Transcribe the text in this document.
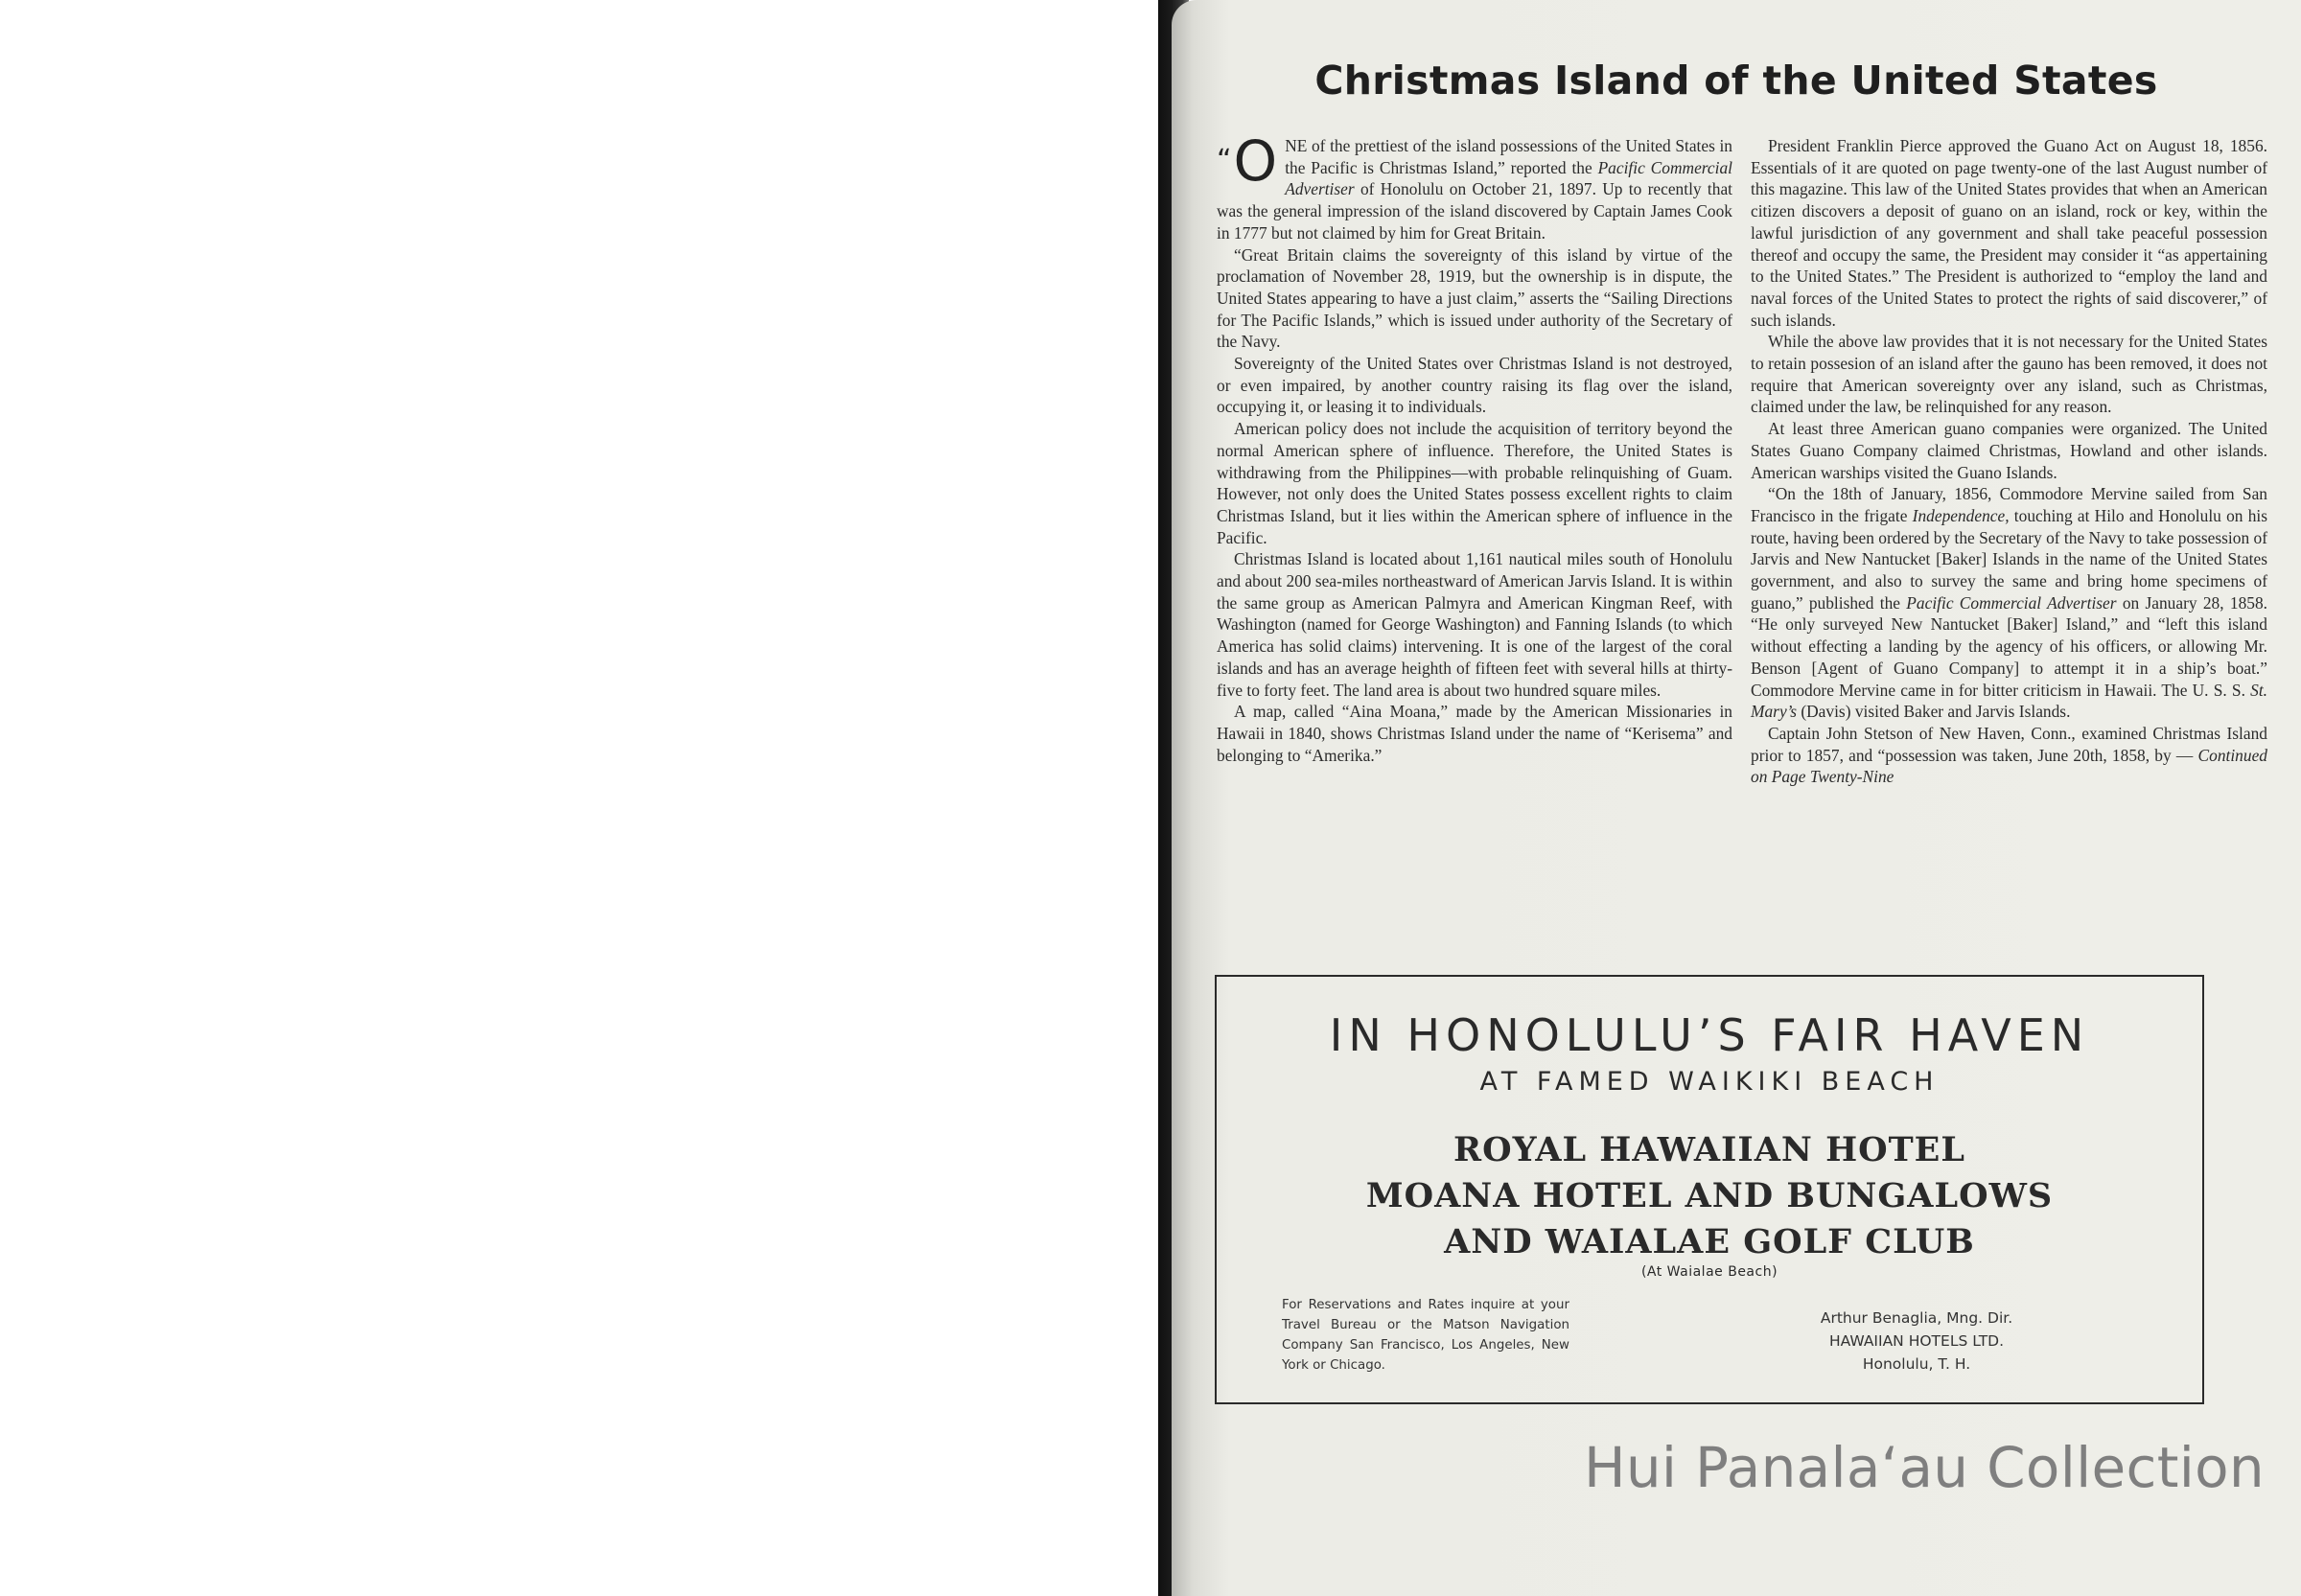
Christmas Island of the United States

“O NE of the prettiest of the island possessions of the United States in the Pacific is Christmas Island,” reported the Pacific Commercial Advertiser of Honolulu on October 21, 1897. Up to recently that was the general impression of the island discovered by Captain James Cook in 1777 but not claimed by him for Great Britain.

“Great Britain claims the sovereignty of this island by virtue of the proclamation of November 28, 1919, but the ownership is in dispute, the United States appearing to have a just claim,” asserts the “Sailing Directions for The Pacific Islands,” which is issued under authority of the Secretary of the Navy.

Sovereignty of the United States over Christmas Island is not destroyed, or even impaired, by another country raising its flag over the island, occupying it, or leasing it to individuals.

American policy does not include the acquisition of territory beyond the normal American sphere of influence. Therefore, the United States is withdrawing from the Philippines—with probable relinquishing of Guam. However, not only does the United States possess excellent rights to claim Christmas Island, but it lies within the American sphere of influence in the Pacific.

Christmas Island is located about 1,161 nautical miles south of Honolulu and about 200 sea-miles northeastward of American Jarvis Island. It is within the same group as American Palmyra and American Kingman Reef, with Washington (named for George Washington) and Fanning Islands (to which America has solid claims) intervening. It is one of the largest of the coral islands and has an average heighth of fifteen feet with several hills at thirty-five to forty feet. The land area is about two hundred square miles.

A map, called “Aina Moana,” made by the American Missionaries in Hawaii in 1840, shows Christmas Island under the name of “Kerisema” and belonging to “Amerika.”

President Franklin Pierce approved the Guano Act on August 18, 1856. Essentials of it are quoted on page twenty-one of the last August number of this magazine. This law of the United States provides that when an American citizen discovers a deposit of guano on an island, rock or key, within the lawful jurisdiction of any government and shall take peaceful possession thereof and occupy the same, the President may consider it “as appertaining to the United States.” The President is authorized to “employ the land and naval forces of the United States to protect the rights of said discoverer,” of such islands.

While the above law provides that it is not necessary for the United States to retain possesion of an island after the gauno has been removed, it does not require that American sovereignty over any island, such as Christmas, claimed under the law, be relinquished for any reason.

At least three American guano companies were organized. The United States Guano Company claimed Christmas, Howland and other islands. American warships visited the Guano Islands.

“On the 18th of January, 1856, Commodore Mervine sailed from San Francisco in the frigate Independence, touching at Hilo and Honolulu on his route, having been ordered by the Secretary of the Navy to take possession of Jarvis and New Nantucket [Baker] Islands in the name of the United States government, and also to survey the same and bring home specimens of guano,” published the Pacific Commercial Advertiser on January 28, 1858. “He only surveyed New Nantucket [Baker] Island,” and “left this island without effecting a landing by the agency of his officers, or allowing Mr. Benson [Agent of Guano Company] to attempt it in a ship’s boat.” Commodore Mervine came in for bitter criticism in Hawaii. The U. S. S. St. Mary’s (Davis) visited Baker and Jarvis Islands.

Captain John Stetson of New Haven, Conn., examined Christmas Island prior to 1857, and “possession was taken, June 20th, 1858, by — Continued on Page Twenty-Nine

IN HONOLULU’S FAIR HAVEN
AT FAMED WAIKIKI BEACH
ROYAL HAWAIIAN HOTEL
MOANA HOTEL AND BUNGALOWS
AND WAIALAE GOLF CLUB
(At Waialae Beach)
For Reservations and Rates inquire at your Travel Bureau or the Matson Navigation Company San Francisco, Los Angeles, New York or Chicago.
Arthur Benaglia, Mng. Dir.
HAWAIIAN HOTELS LTD.
Honolulu, T. H.
Hui Panalaʻau Collection
